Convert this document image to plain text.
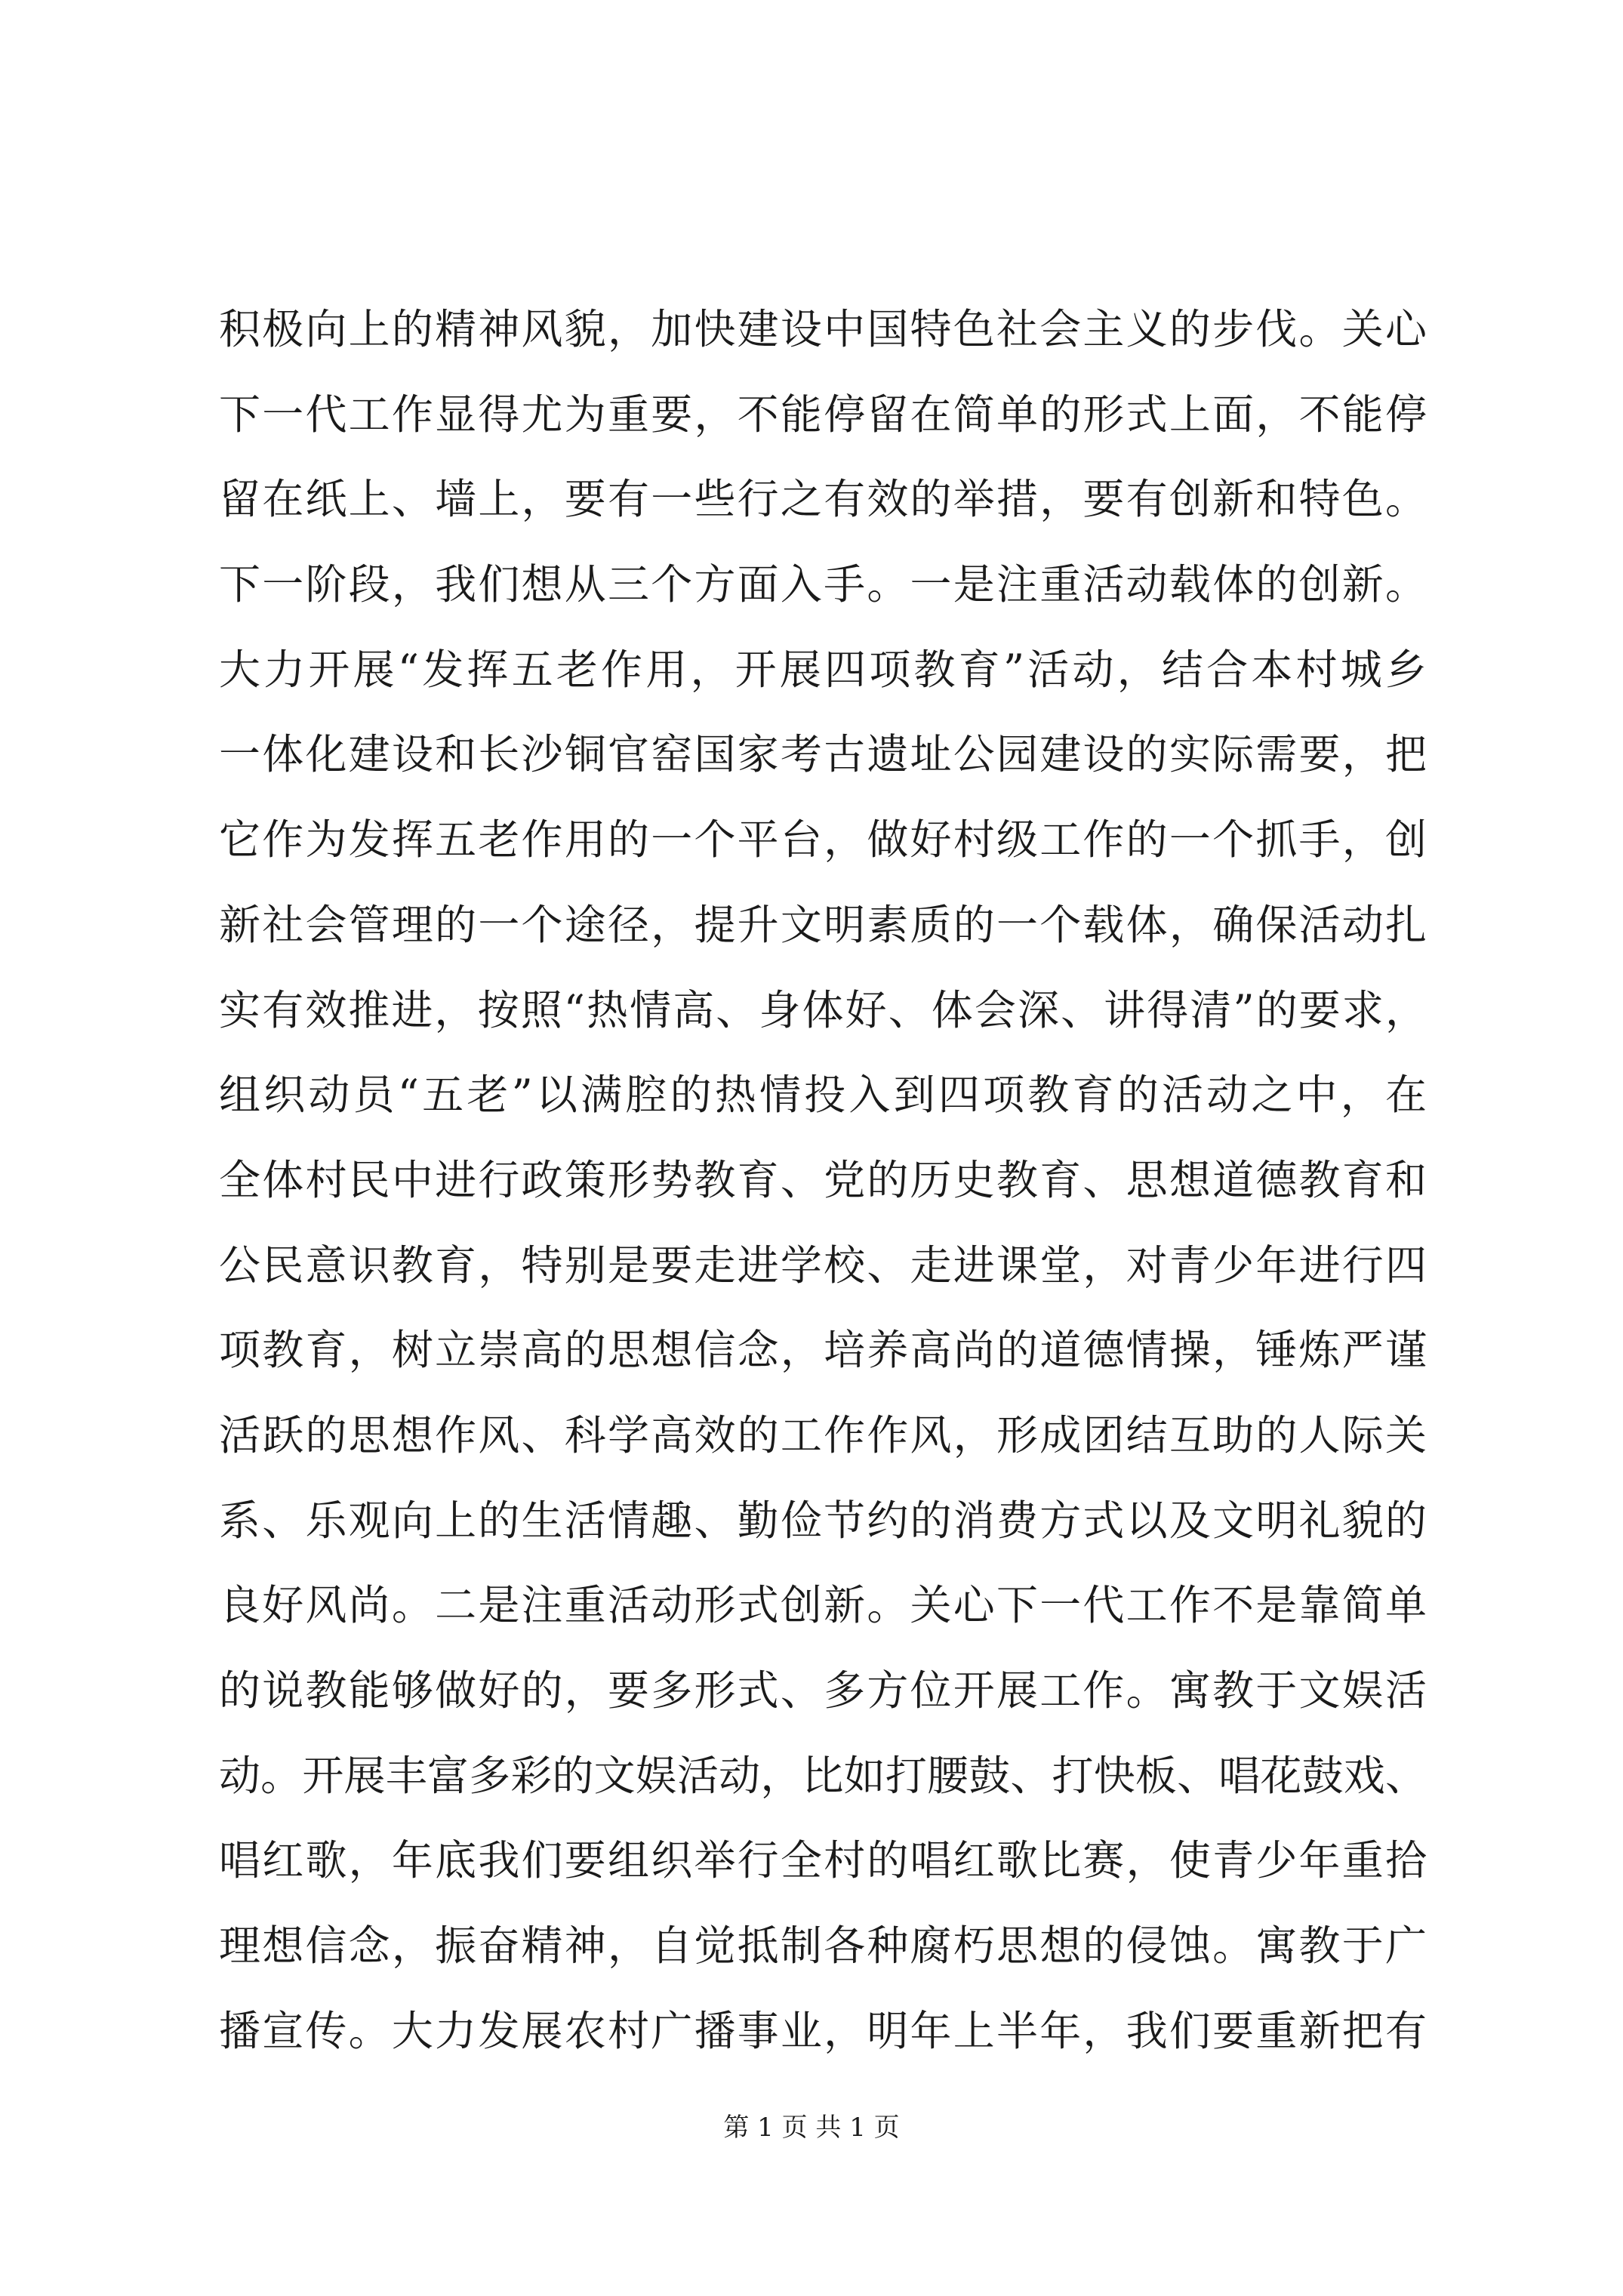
积极向上的精神风貌，加快建设中国特色社会主义的步伐。关心
下一代工作显得尤为重要，不能停留在简单的形式上面，不能停
留在纸上、墙上，要有一些行之有效的举措，要有创新和特色。
下一阶段，我们想从三个方面入手。一是注重活动载体的创新。
大力开展“发挥五老作用，开展四项教育”活动，结合本村城乡
一体化建设和长沙铜官窑国家考古遗址公园建设的实际需要，把
它作为发挥五老作用的一个平台，做好村级工作的一个抓手，创
新社会管理的一个途径，提升文明素质的一个载体，确保活动扎
实有效推进，按照“热情高、身体好、体会深、讲得清”的要求，
组织动员“五老”以满腔的热情投入到四项教育的活动之中，在
全体村民中进行政策形势教育、党的历史教育、思想道德教育和
公民意识教育，特别是要走进学校、走进课堂，对青少年进行四
项教育，树立崇高的思想信念，培养高尚的道德情操，锤炼严谨
活跃的思想作风、科学高效的工作作风，形成团结互助的人际关
系、乐观向上的生活情趣、勤俭节约的消费方式以及文明礼貌的
良好风尚。二是注重活动形式创新。关心下一代工作不是靠简单
的说教能够做好的，要多形式、多方位开展工作。寓教于文娱活
动。开展丰富多彩的文娱活动，比如打腰鼓、打快板、唱花鼓戏、
唱红歌，年底我们要组织举行全村的唱红歌比赛，使青少年重拾
理想信念，振奋精神，自觉抵制各种腐朽思想的侵蚀。寓教于广
播宣传。大力发展农村广播事业，明年上半年，我们要重新把有
第 1 页 共 1 页
